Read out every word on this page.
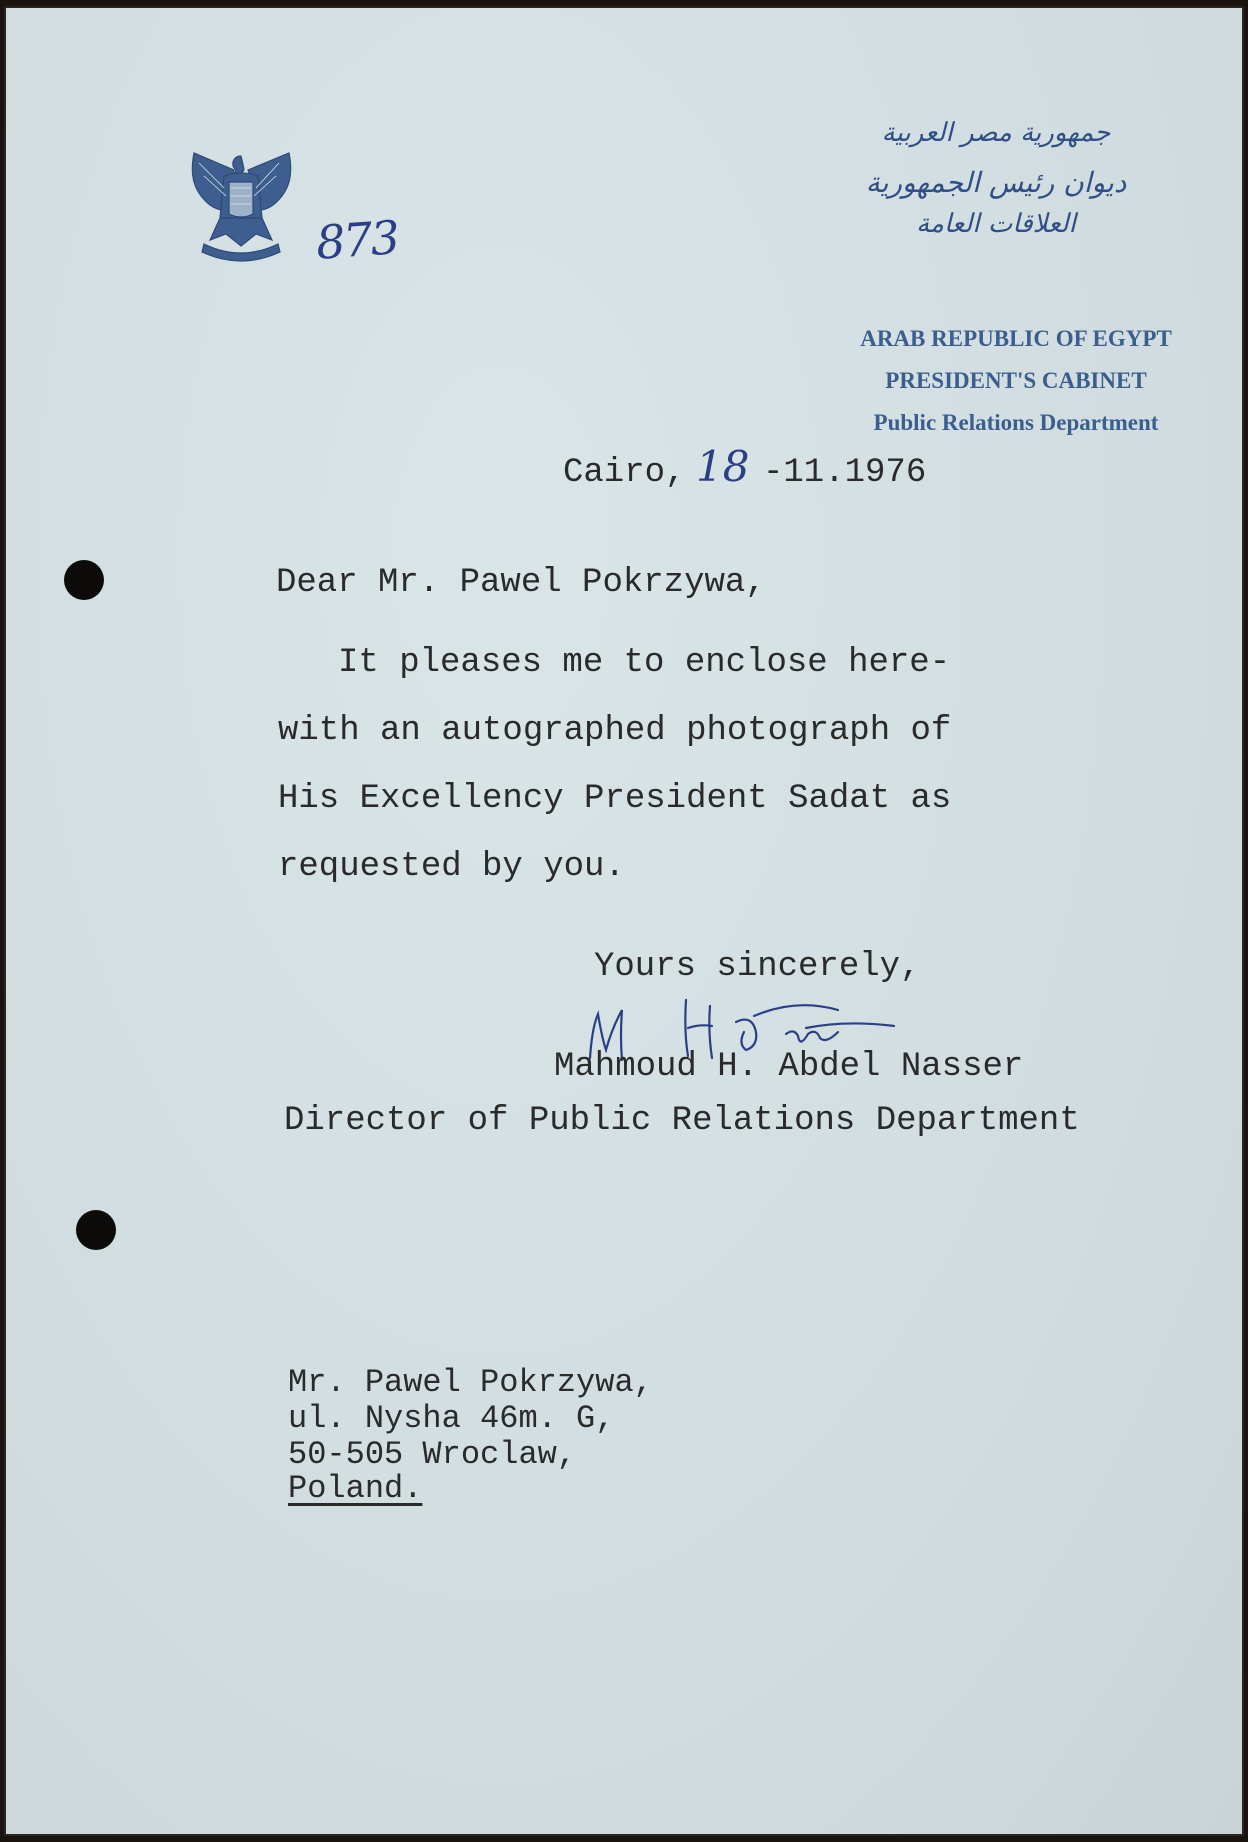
873
جمهورية مصر العربية
ديوان رئيس الجمهورية
العلاقات العامة
ARAB REPUBLIC OF EGYPT
PRESIDENT'S CABINET
Public Relations Department
Cairo, 18 -11.1976
Dear Mr. Pawel Pokrzywa,
It pleases me to enclose here-
with an autographed photograph of
His Excellency President Sadat as
requested by you.
Yours sincerely,
Mahmoud H. Abdel Nasser
Director of Public Relations Department
Mr. Pawel Pokrzywa,
ul. Nysha 46m. G,
50-505 Wroclaw,
Poland.
